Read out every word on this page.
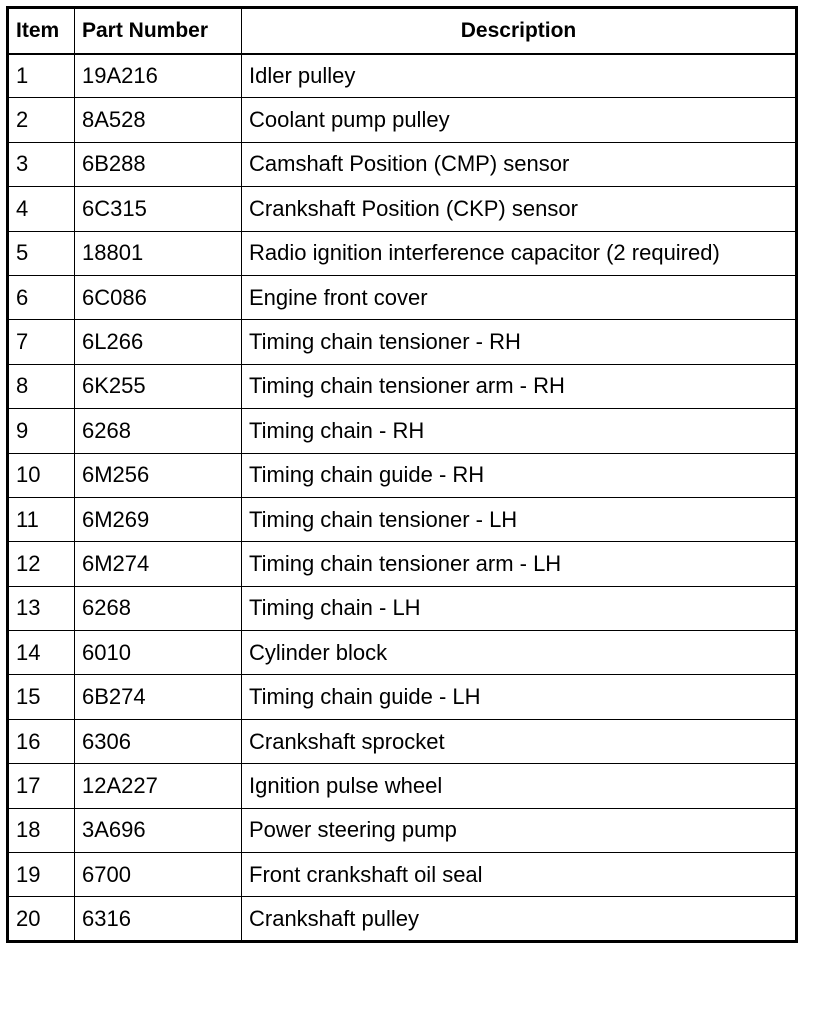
Item	Part Number	Description
1	19A216	Idler pulley
2	8A528	Coolant pump pulley
3	6B288	Camshaft Position (CMP) sensor
4	6C315	Crankshaft Position (CKP) sensor
5	18801	Radio ignition interference capacitor (2 required)
6	6C086	Engine front cover
7	6L266	Timing chain tensioner - RH
8	6K255	Timing chain tensioner arm - RH
9	6268	Timing chain - RH
10	6M256	Timing chain guide - RH
11	6M269	Timing chain tensioner - LH
12	6M274	Timing chain tensioner arm - LH
13	6268	Timing chain - LH
14	6010	Cylinder block
15	6B274	Timing chain guide - LH
16	6306	Crankshaft sprocket
17	12A227	Ignition pulse wheel
18	3A696	Power steering pump
19	6700	Front crankshaft oil seal
20	6316	Crankshaft pulley
